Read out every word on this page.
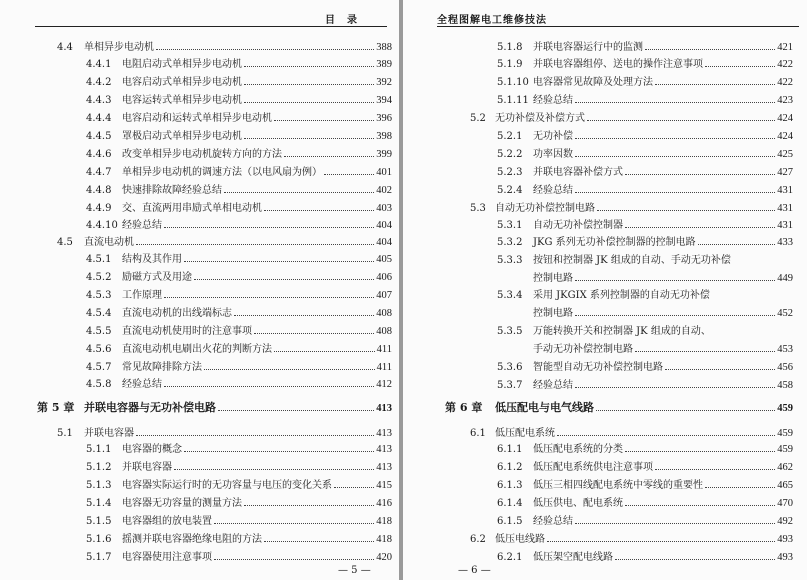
目　录
4.4	单相异步电动机	388
4.4.1	电阻启动式单相异步电动机	389
4.4.2	电容启动式单相异步电动机	392
4.4.3	电容运转式单相异步电动机	394
4.4.4	电容启动和运转式单相异步电动机	396
4.4.5	罩极启动式单相异步电动机	398
4.4.6	改变单相异步电动机旋转方向的方法	399
4.4.7	单相异步电动机的调速方法（以电风扇为例）	401
4.4.8	快速排除故障经验总结	402
4.4.9	交、直流两用串励式单相电动机	403
4.4.10 经验总结	404
4.5	直流电动机	404
4.5.1	结构及其作用	405
4.5.2	励磁方式及用途	406
4.5.3	工作原理	407
4.5.4	直流电动机的出线端标志	408
4.5.5	直流电动机使用时的注意事项	408
4.5.6	直流电动机电刷出火花的判断方法	411
4.5.7	常见故障排除方法	411
4.5.8	经验总结	412
第 5 章 并联电容器与无功补偿电路	413
5.1	并联电容器	413
5.1.1	电容器的概念	413
5.1.2	并联电容器	413
5.1.3	电容器实际运行时的无功容量与电压的变化关系	415
5.1.4	电容器无功容量的测量方法	416
5.1.5	电容器组的放电装置	418
5.1.6	摇测并联电容器绝缘电阻的方法	418
5.1.7	电容器使用注意事项	420
— 5 —
全程图解电工维修技法
5.1.8	并联电容器运行中的监测	421
5.1.9	并联电容器组停、送电的操作注意事项	422
5.1.10 电容器常见故障及处理方法	422
5.1.11 经验总结	423
5.2 无功补偿及补偿方式	424
5.2.1	无功补偿	424
5.2.2	功率因数	425
5.2.3	并联电容器补偿方式	427
5.2.4	经验总结	431
5.3 自动无功补偿控制电路	431
5.3.1	自动无功补偿控制器	431
5.3.2	JKG 系列无功补偿控制器的控制电路	433
5.3.3	按钮和控制器 JK 组成的自动、手动无功补偿
控制电路	449
5.3.4	采用 JKGIX 系列控制器的自动无功补偿
控制电路	452
5.3.5	万能转换开关和控制器 JK 组成的自动、
手动无功补偿控制电路	453
5.3.6	智能型自动无功补偿控制电路	456
5.3.7	经验总结	458
第 6 章	低压配电与电气线路	459
6.1 低压配电系统	459
6.1.1	低压配电系统的分类	459
6.1.2	低压配电系统供电注意事项	462
6.1.3	低压三相四线配电系统中零线的重要性	465
6.1.4	低压供电、配电系统	470
6.1.5	经验总结	492
6.2 低压电线路	493
6.2.1	低压架空配电线路	493
— 6 —
